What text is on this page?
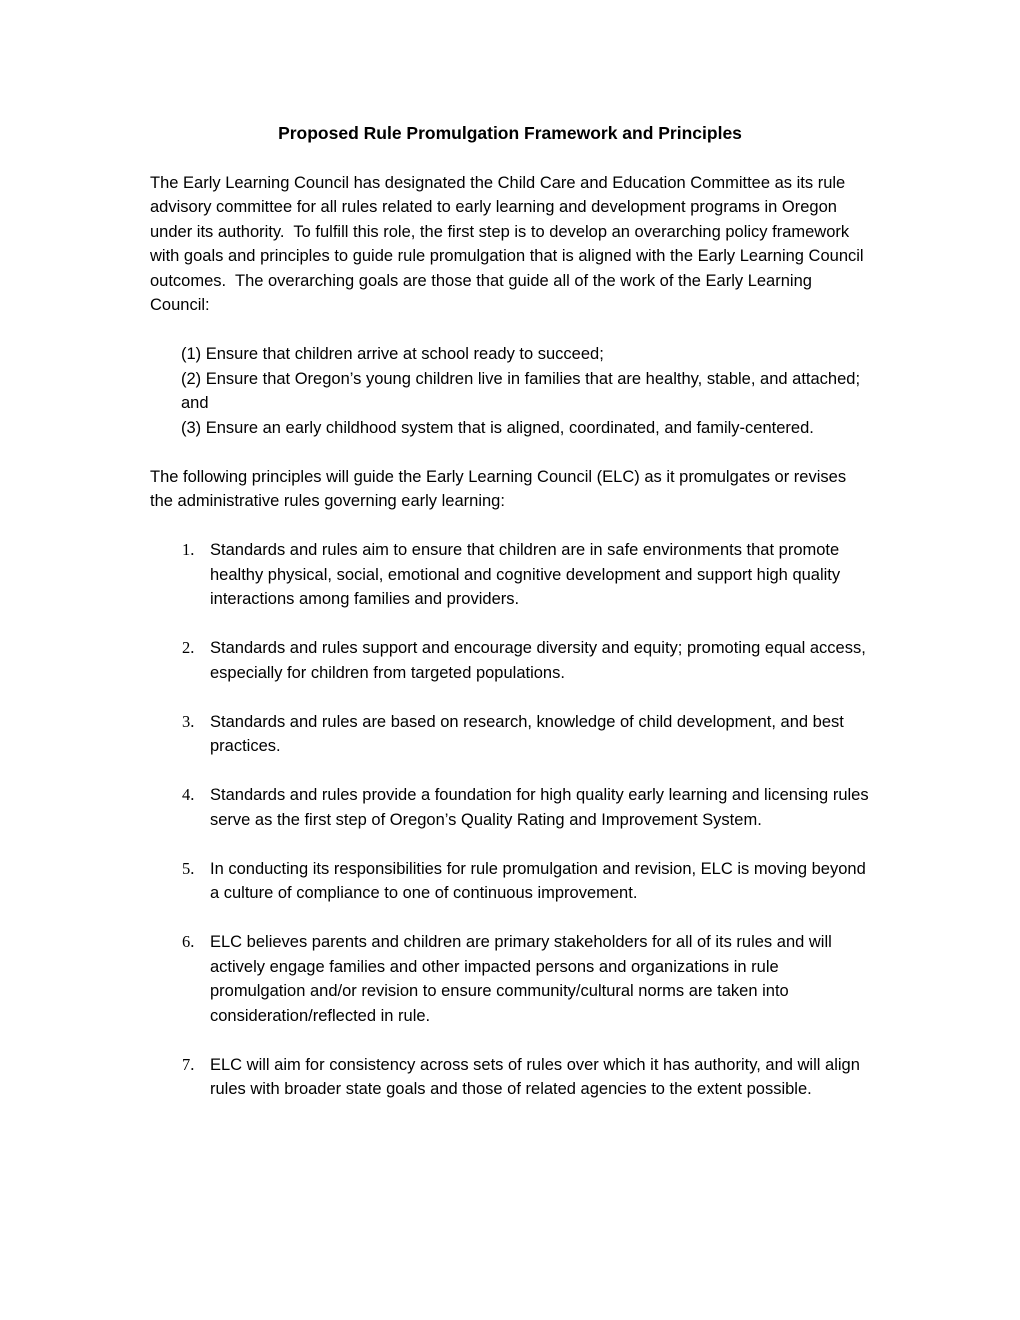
Proposed Rule Promulgation Framework and Principles

The Early Learning Council has designated the Child Care and Education Committee as its rule advisory committee for all rules related to early learning and development programs in Oregon under its authority.  To fulfill this role, the first step is to develop an overarching policy framework with goals and principles to guide rule promulgation that is aligned with the Early Learning Council outcomes.  The overarching goals are those that guide all of the work of the Early Learning Council:

(1) Ensure that children arrive at school ready to succeed;
(2) Ensure that Oregon’s young children live in families that are healthy, stable, and attached; and
(3) Ensure an early childhood system that is aligned, coordinated, and family-centered.

The following principles will guide the Early Learning Council (ELC) as it promulgates or revises the administrative rules governing early learning:

1. Standards and rules aim to ensure that children are in safe environments that promote healthy physical, social, emotional and cognitive development and support high quality interactions among families and providers.
2. Standards and rules support and encourage diversity and equity; promoting equal access, especially for children from targeted populations.
3. Standards and rules are based on research, knowledge of child development, and best practices.
4. Standards and rules provide a foundation for high quality early learning and licensing rules serve as the first step of Oregon’s Quality Rating and Improvement System.
5. In conducting its responsibilities for rule promulgation and revision, ELC is moving beyond a culture of compliance to one of continuous improvement.
6. ELC believes parents and children are primary stakeholders for all of its rules and will actively engage families and other impacted persons and organizations in rule promulgation and/or revision to ensure community/cultural norms are taken into consideration/reflected in rule.
7. ELC will aim for consistency across sets of rules over which it has authority, and will align rules with broader state goals and those of related agencies to the extent possible.
